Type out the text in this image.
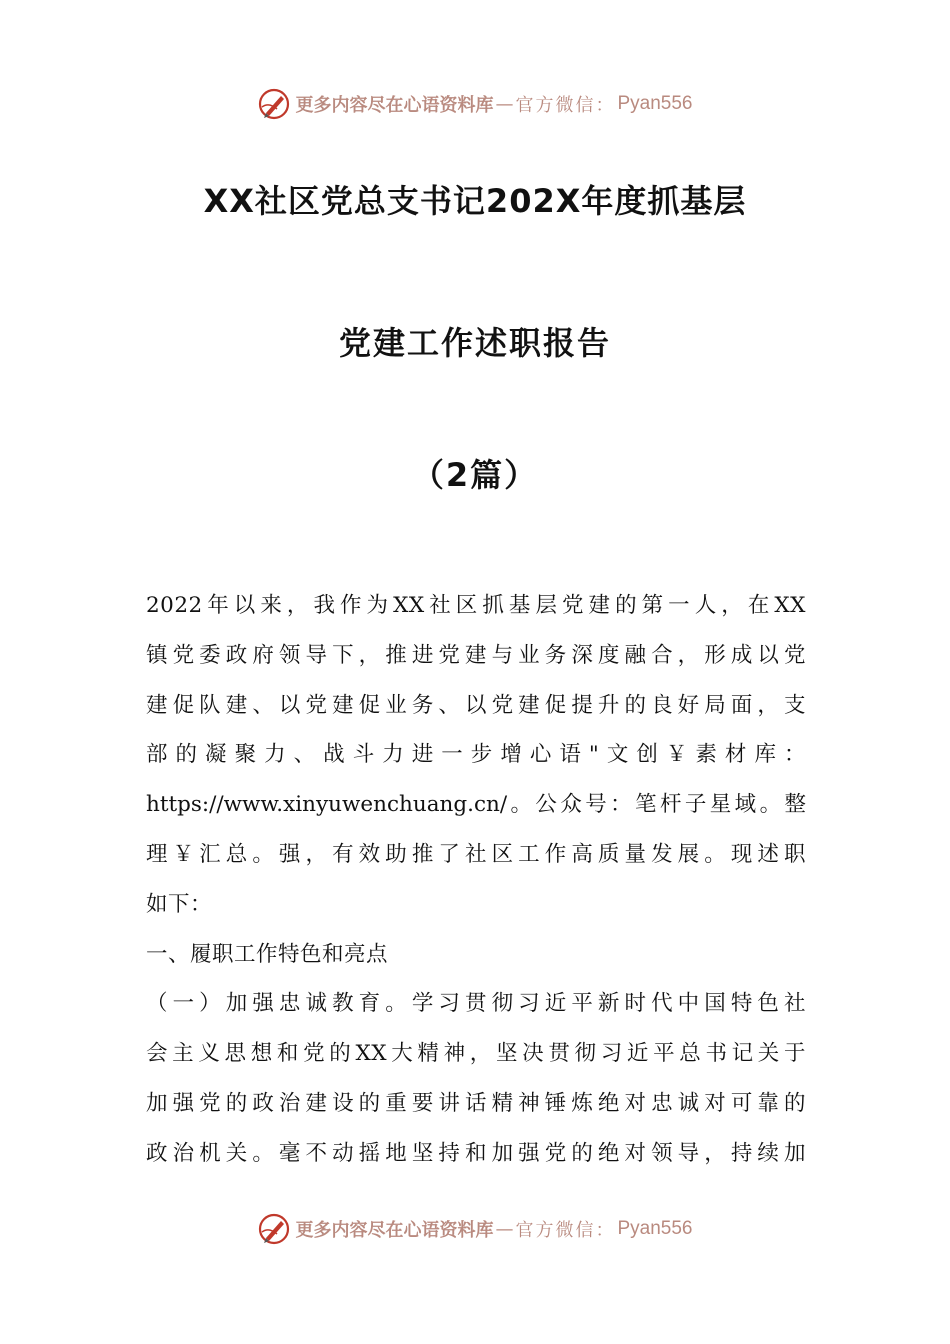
更多内容尽在心语资料库 — 官方微信： Pyan556
XX社区党总支书记202X年度抓基层
党建工作述职报告
（2篇）
2022年以来，我作为XX社区抓基层党建的第一人，在XX
镇党委政府领导下，推进党建与业务深度融合，形成以党
建促队建、以党建促业务、以党建促提升的良好局面，支
部的凝聚力、战斗力进一步增心语"文创￥素材库：
https://www.xinyuwenchuang.cn/。公众号：笔杆子星域。整
理￥汇总。强，有效助推了社区工作高质量发展。现述职
如下：
一、履职工作特色和亮点
（一）加强忠诚教育。学习贯彻习近平新时代中国特色社
会主义思想和党的XX大精神，坚决贯彻习近平总书记关于
加强党的政治建设的重要讲话精神锤炼绝对忠诚对可靠的
政治机关。毫不动摇地坚持和加强党的绝对领导，持续加
更多内容尽在心语资料库 — 官方微信： Pyan556
